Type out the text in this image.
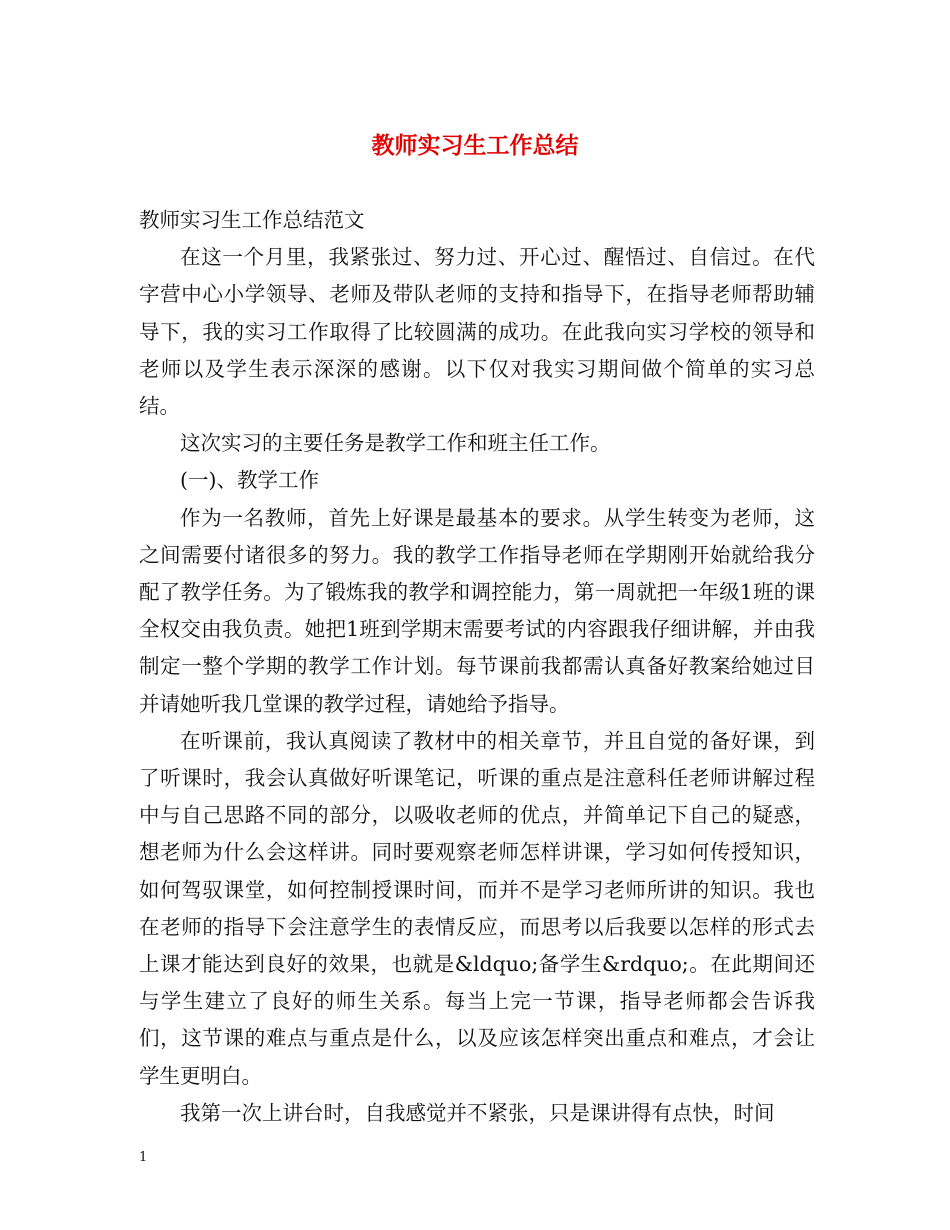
教师实习生工作总结

教师实习生工作总结范文

在这一个月里，我紧张过、努力过、开心过、醒悟过、自信过。在代字营中心小学领导、老师及带队老师的支持和指导下，在指导老师帮助辅导下，我的实习工作取得了比较圆满的成功。在此我向实习学校的领导和老师以及学生表示深深的感谢。以下仅对我实习期间做个简单的实习总结。

这次实习的主要任务是教学工作和班主任工作。

(一)、教学工作

作为一名教师，首先上好课是最基本的要求。从学生转变为老师，这之间需要付诸很多的努力。我的教学工作指导老师在学期刚开始就给我分配了教学任务。为了锻炼我的教学和调控能力，第一周就把一年级1班的课全权交由我负责。她把1班到学期末需要考试的内容跟我仔细讲解，并由我制定一整个学期的教学工作计划。每节课前我都需认真备好教案给她过目并请她听我几堂课的教学过程，请她给予指导。

在听课前，我认真阅读了教材中的相关章节，并且自觉的备好课，到了听课时，我会认真做好听课笔记，听课的重点是注意科任老师讲解过程中与自己思路不同的部分，以吸收老师的优点，并简单记下自己的疑惑，想老师为什么会这样讲。同时要观察老师怎样讲课，学习如何传授知识，如何驾驭课堂，如何控制授课时间，而并不是学习老师所讲的知识。我也在老师的指导下会注意学生的表情反应，而思考以后我要以怎样的形式去上课才能达到良好的效果，也就是&ldquo;备学生&rdquo;。在此期间还与学生建立了良好的师生关系。每当上完一节课，指导老师都会告诉我们，这节课的难点与重点是什么，以及应该怎样突出重点和难点，才会让学生更明白。

我第一次上讲台时，自我感觉并不紧张，只是课讲得有点快，时间

1
